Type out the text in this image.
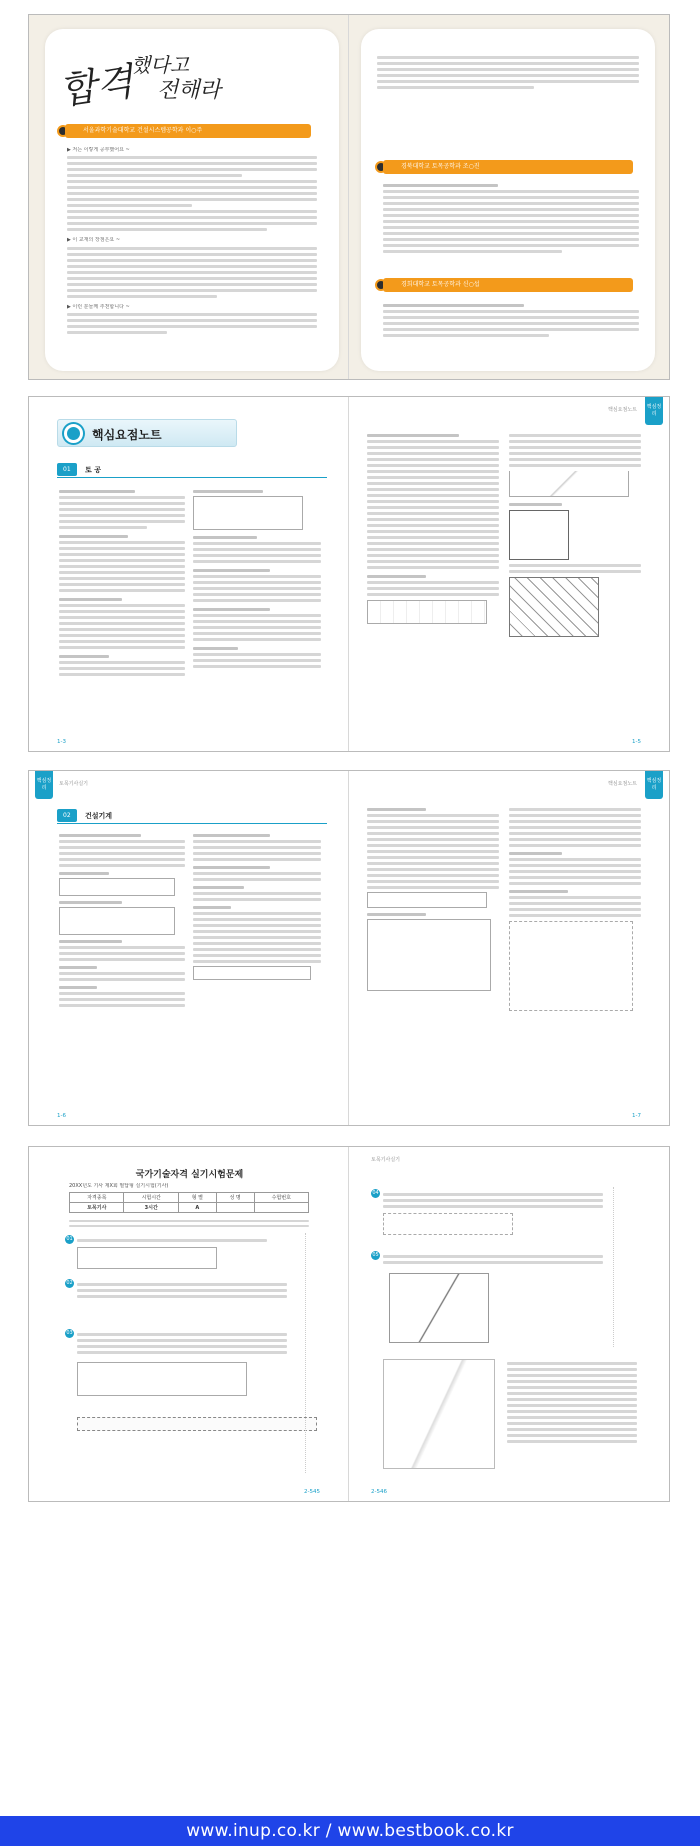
합격
했다고
전해라
서울과학기술대학교 건설시스템공학과 이○주
▶ 저는 이렇게 공부했어요 ~
▶ 이 교재의 장점은요 ~
▶ 이런 분들께 추천합니다 ~
경북대학교 토목공학과 조○진
경희대학교 토목공학과 신○섭
핵심요점노트
01	토 공
1-3
핵심요점노트	핵심정리
1-5
핵심정리
토목기사실기
02	건설기계
1-6
핵심요점노트	핵심정리
1-7
국가기술자격 실기시험문제
20XX년도 기사 제X회 필답형 실기시험(기사)
자격종목	시험시간	형 별	성 명	수험번호
토목기사	3시간	A		
01
02
03
2-545
토목기사실기
04
05
2-546
www.inup.co.kr / www.bestbook.co.kr
